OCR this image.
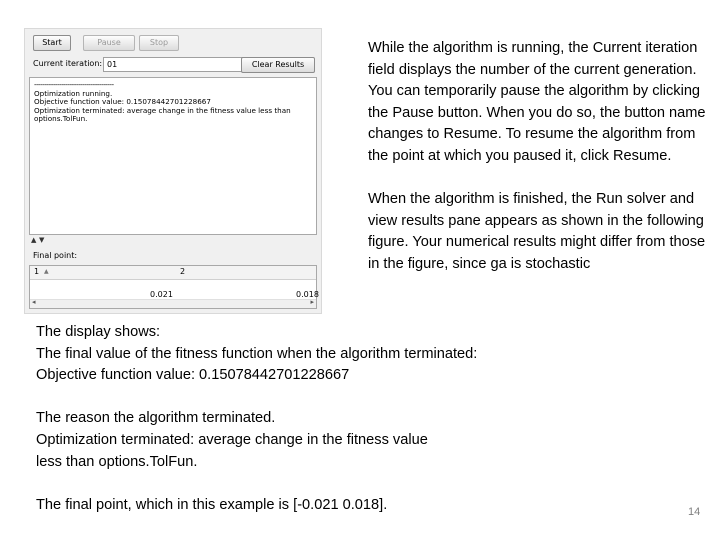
Start	Pause	Stop
Current iteration: 01	Clear Results
--------------------------------------
Optimization running.
Objective function value: 0.15078442701228667
Optimization terminated: average change in the fitness value less than
options.TolFun.
▲ ▼
Final point:
1 ▲	2
0.021	0.018
◂	▸

While the algorithm is running, the Current iteration field displays the number of the current generation. You can temporarily pause the algorithm by clicking the Pause button. When you do so, the button name changes to Resume. To resume the algorithm from the point at which you paused it, click Resume.

When the algorithm is finished, the Run solver and view results pane appears as shown in the following figure. Your numerical results might differ from those in the figure, since ga is stochastic

The display shows:

The final value of the fitness function when the algorithm terminated:

Objective function value: 0.15078442701228667

The reason the algorithm terminated.

Optimization terminated: average change in the fitness value

less than options.TolFun.

The final point, which in this example is [-0.021 0.018].	14
